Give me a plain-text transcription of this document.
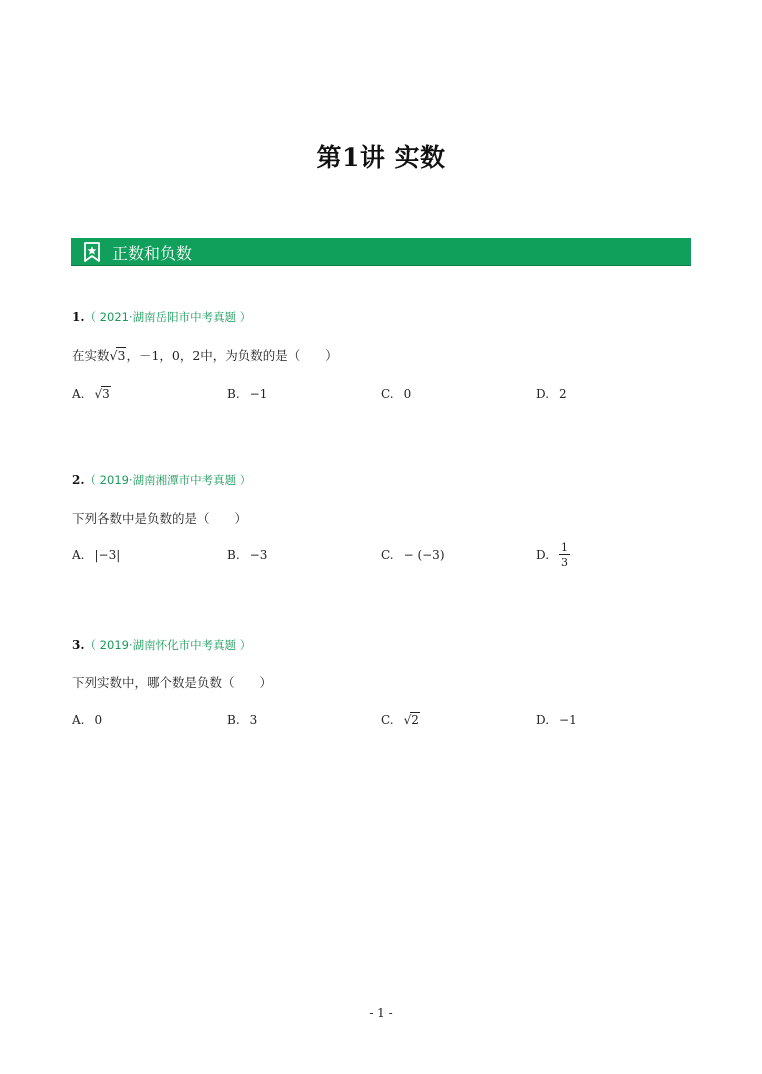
第1讲 实数
正数和负数
1.（ 2021·湖南岳阳市中考真题 ）
在实数√3，－1，0，2中，为负数的是（　　）
A. √3	B. −1	C. 0	D. 2
2.（ 2019·湖南湘潭市中考真题 ）
下列各数中是负数的是（　　）
A. |−3|	B. −3	C. − (−3)	D. $\frac{1}{3}$
3.（ 2019·湖南怀化市中考真题 ）
下列实数中，哪个数是负数（　　）
A. 0	B. 3	C. √2	D. −1
- 1 -
